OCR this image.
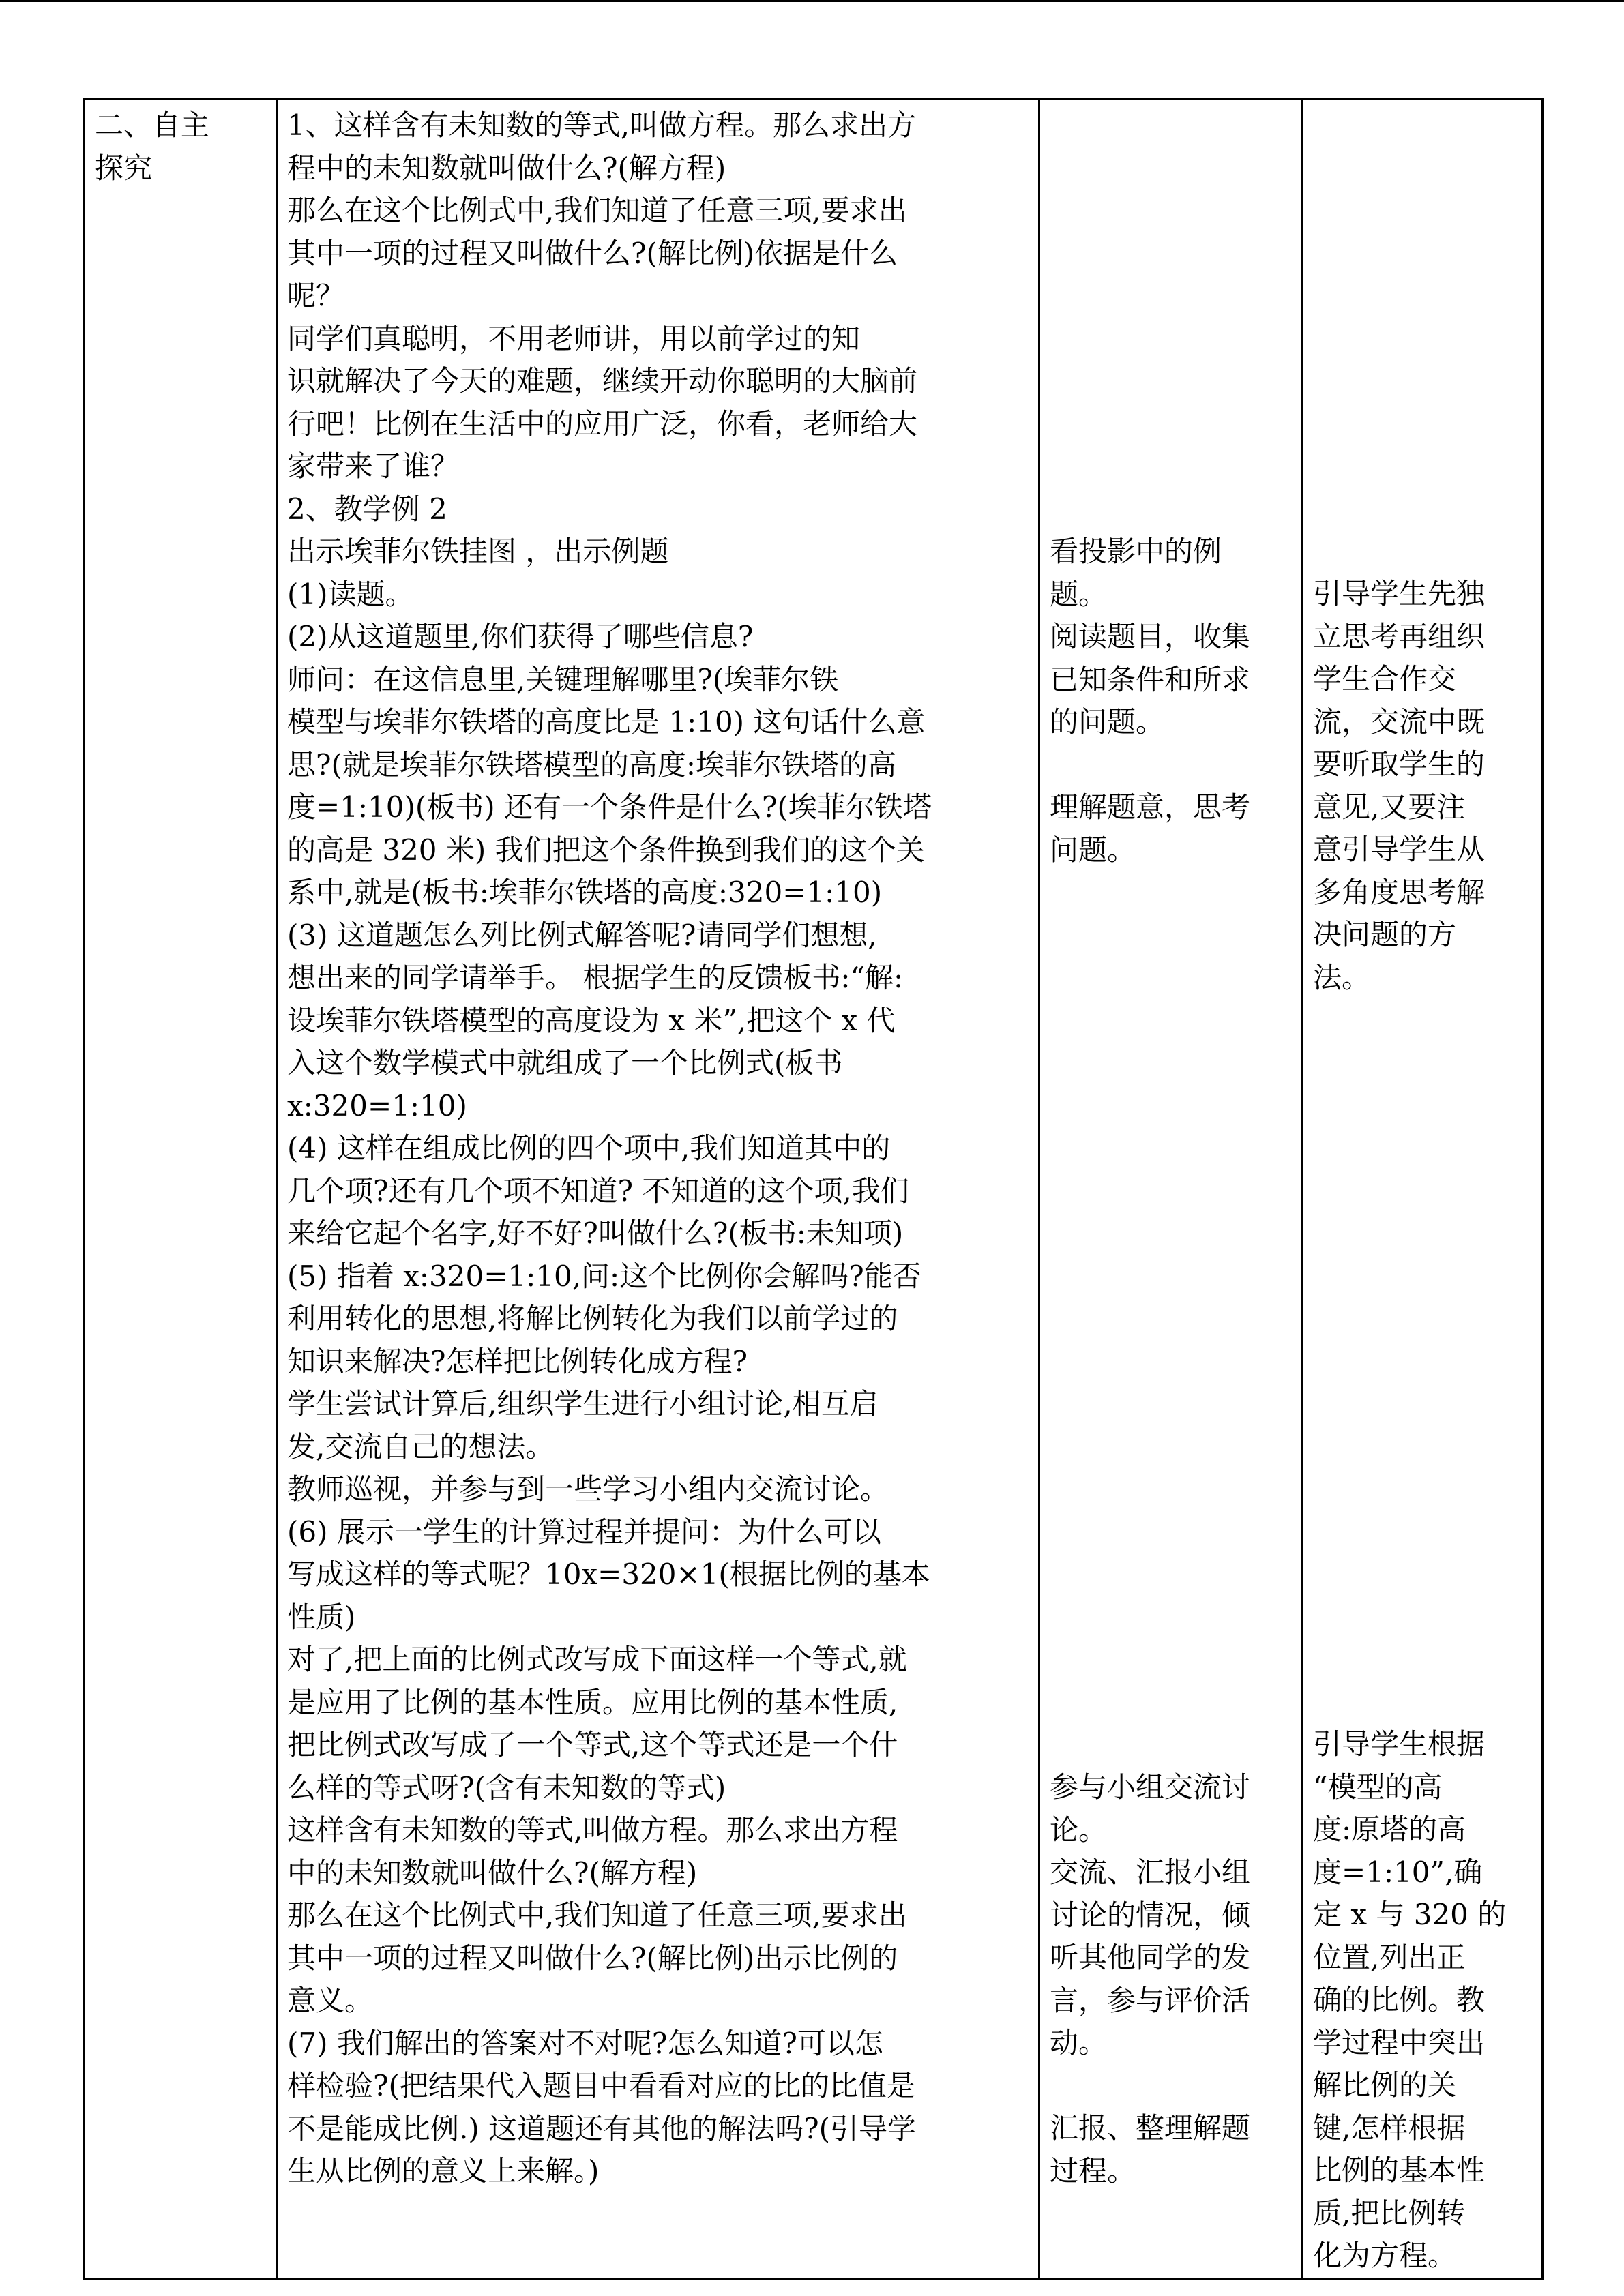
二、自主
探究

1、这样含有未知数的等式,叫做方程。那么求出方
程中的未知数就叫做什么?(解方程)
那么在这个比例式中,我们知道了任意三项,要求出
其中一项的过程又叫做什么?(解比例)依据是什么
呢？
同学们真聪明，不用老师讲，用以前学过的知
识就解决了今天的难题，继续开动你聪明的大脑前
行吧！比例在生活中的应用广泛，你看，老师给大
家带来了谁？
2、教学例 2
出示埃菲尔铁挂图 ，出示例题
(1)读题。
(2)从这道题里,你们获得了哪些信息?
师问：在这信息里,关键理解哪里?(埃菲尔铁
模型与埃菲尔铁塔的高度比是 1:10) 这句话什么意
思?(就是埃菲尔铁塔模型的高度:埃菲尔铁塔的高
度=1:10)(板书) 还有一个条件是什么?(埃菲尔铁塔
的高是 320 米) 我们把这个条件换到我们的这个关
系中,就是(板书:埃菲尔铁塔的高度:320=1:10)
(3) 这道题怎么列比例式解答呢?请同学们想想,
想出来的同学请举手。 根据学生的反馈板书:“解:
设埃菲尔铁塔模型的高度设为 x 米”,把这个 x 代
入这个数学模式中就组成了一个比例式(板书
x:320=1:10)
(4) 这样在组成比例的四个项中,我们知道其中的
几个项?还有几个项不知道? 不知道的这个项,我们
来给它起个名字,好不好?叫做什么?(板书:未知项)
(5) 指着 x:320=1:10,问:这个比例你会解吗?能否
利用转化的思想,将解比例转化为我们以前学过的
知识来解决?怎样把比例转化成方程?
学生尝试计算后,组织学生进行小组讨论,相互启
发,交流自己的想法。
教师巡视，并参与到一些学习小组内交流讨论。
(6) 展示一学生的计算过程并提问：为什么可以
写成这样的等式呢？10x=320×1(根据比例的基本
性质)
对了,把上面的比例式改写成下面这样一个等式,就
是应用了比例的基本性质。应用比例的基本性质,
把比例式改写成了一个等式,这个等式还是一个什
么样的等式呀?(含有未知数的等式)
这样含有未知数的等式,叫做方程。那么求出方程
中的未知数就叫做什么?(解方程)
那么在这个比例式中,我们知道了任意三项,要求出
其中一项的过程又叫做什么?(解比例)出示比例的
意义。
(7) 我们解出的答案对不对呢?怎么知道?可以怎
样检验?(把结果代入题目中看看对应的比的比值是
不是能成比例.) 这道题还有其他的解法吗?(引导学
生从比例的意义上来解。)

看投影中的例
题。
阅读题目，收集
已知条件和所求
的问题。
理解题意，思考
问题。
参与小组交流讨
论。
交流、汇报小组
讨论的情况，倾
听其他同学的发
言，参与评价活
动。
汇报、整理解题
过程。

引导学生先独
立思考再组织
学生合作交
流，交流中既
要听取学生的
意见,又要注
意引导学生从
多角度思考解
决问题的方
法。
引导学生根据
“模型的高
度:原塔的高
度=1:10”,确
定 x 与 320 的
位置,列出正
确的比例。教
学过程中突出
解比例的关
键,怎样根据
比例的基本性
质,把比例转
化为方程。
